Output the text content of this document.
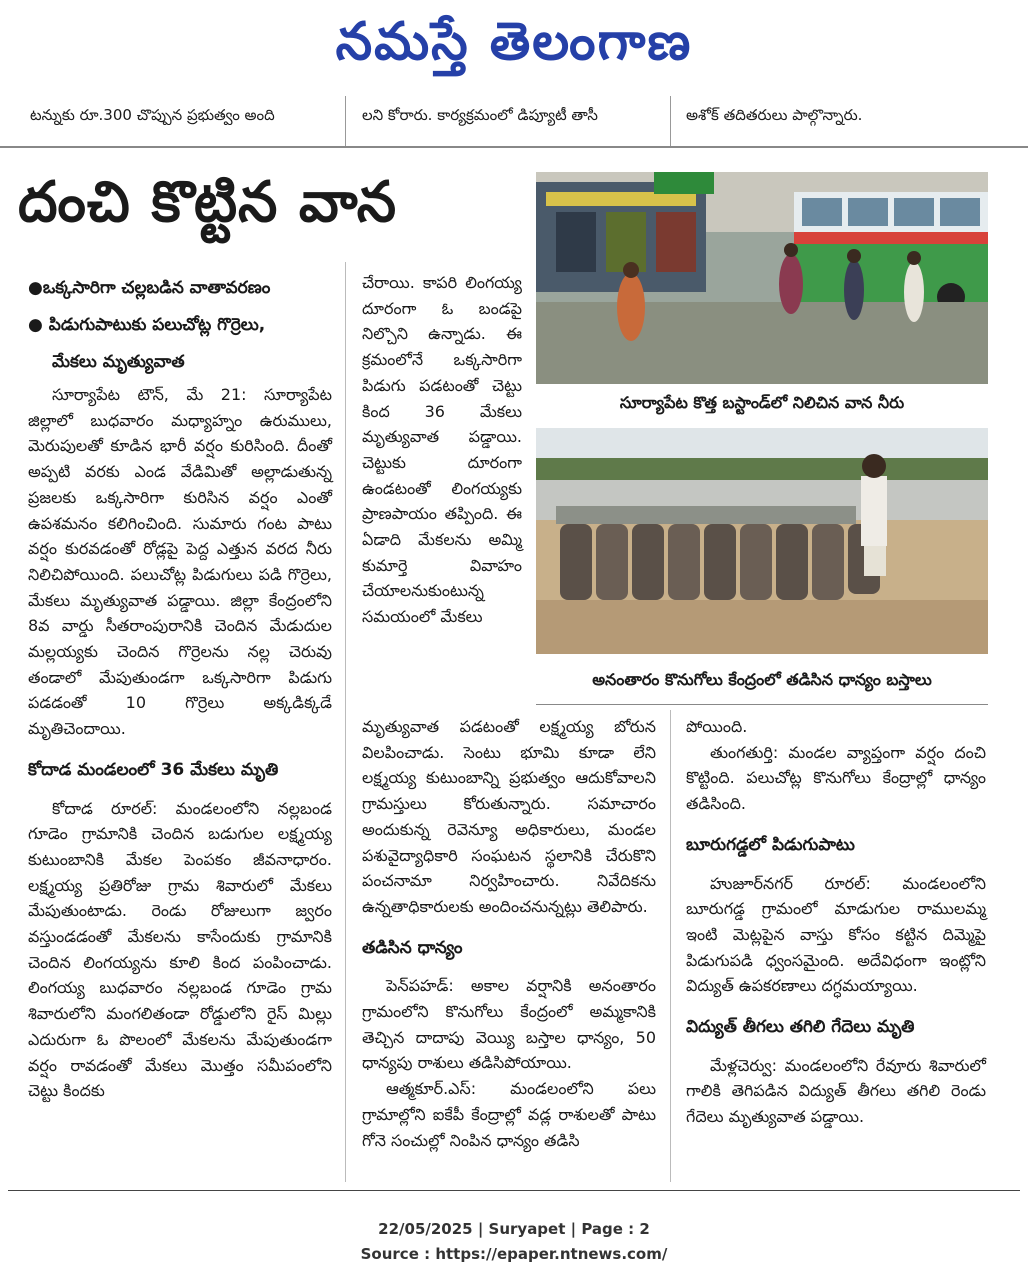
నమస్తే తెలంగాణ
టన్నుకు రూ.300 చొప్పున ప్రభుత్వం అంది	లని కోరారు. కార్యక్రమంలో డిప్యూటీ తాసీ	అశోక్ తదితరులు పాల్గొన్నారు.
దంచి కొట్టిన వాన
●ఒక్కసారిగా చల్లబడిన వాతావరణం
● పిడుగుపాటుకు పలుచోట్ల గొర్రెలు,
మేకలు మృత్యువాత

సూర్యాపేట టౌన్, మే 21: సూర్యాపేట జిల్లాలో బుధవారం మధ్యాహ్నం ఉరుములు, మెరుపులతో కూడిన భారీ వర్షం కురిసింది. దీంతో అప్పటి వరకు ఎండ వేడిమితో అల్లాడుతున్న ప్రజలకు ఒక్కసారిగా కురిసిన వర్షం ఎంతో ఉపశమనం కలిగించింది. సుమారు గంట పాటు వర్షం కురవడంతో రోడ్లపై పెద్ద ఎత్తున వరద నీరు నిలిచిపోయింది. పలుచోట్ల పిడుగులు పడి గొర్రెలు, మేకలు మృత్యువాత పడ్డాయి. జిల్లా కేంద్రంలోని 8వ వార్డు సీతరాంపురానికి చెందిన మేడుదుల మల్లయ్యకు చెందిన గొర్రెలను నల్ల చెరువు తండాలో మేపుతుండగా ఒక్కసారిగా పిడుగు పడడంతో 10 గొర్రెలు అక్కడిక్కడే మృతిచెందాయి.

కోదాడ మండలంలో 36 మేకలు మృతి

కోదాడ రూరల్: మండలంలోని నల్లబండ గూడెం గ్రామానికి చెందిన బడుగుల లక్ష్మయ్య కుటుంబానికి మేకల పెంపకం జీవనాధారం. లక్ష్మయ్య ప్రతిరోజు గ్రామ శివారులో మేకలు మేపుతుంటాడు. రెండు రోజులుగా జ్వరం వస్తుండడంతో మేకలను కాసేందుకు గ్రామానికి చెందిన లింగయ్యను కూలి కింద పంపించాడు. లింగయ్య బుధవారం నల్లబండ గూడెం గ్రామ శివారులోని మంగలితండా రోడ్డులోని రైస్ మిల్లు ఎదురుగా ఓ పొలంలో మేకలను మేపుతుండగా వర్షం రావడంతో మేకలు మొత్తం సమీపంలోని చెట్టు కిందకు

చేరాయి. కాపరి లింగయ్య దూరంగా ఓ బండపై నిల్చొని ఉన్నాడు. ఈ క్రమంలోనే ఒక్కసారిగా పిడుగు పడటంతో చెట్టు కింద 36 మేకలు మృత్యువాత పడ్డాయి. చెట్టుకు దూరంగా ఉండటంతో లింగయ్యకు ప్రాణపాయం తప్పింది. ఈ ఏడాది మేకలను అమ్మి కుమార్తె వివాహం చేయాలనుకుంటున్న సమయంలో మేకలు

సూర్యాపేట కొత్త బస్టాండ్‌లో నిలిచిన వాన నీరు
అనంతారం కొనుగోలు కేంద్రంలో తడిసిన ధాన్యం బస్తాలు

మృత్యువాత పడటంతో లక్ష్మయ్య బోరున విలపించాడు. సెంటు భూమి కూడా లేని లక్ష్మయ్య కుటుంబాన్ని ప్రభుత్వం ఆదుకోవాలని గ్రామస్తులు కోరుతున్నారు. సమాచారం అందుకున్న రెవెన్యూ అధికారులు, మండల పశువైద్యాధికారి సంఘటన స్థలానికి చేరుకొని పంచనామా నిర్వహించారు. నివేదికను ఉన్నతాధికారులకు అందించనున్నట్లు తెలిపారు.

తడిసిన ధాన్యం

పెన్‌పహడ్: అకాల వర్షానికి అనంతారం గ్రామంలోని కొనుగోలు కేంద్రంలో అమ్మకానికి తెచ్చిన దాదాపు వెయ్యి బస్తాల ధాన్యం, 50 ధాన్యపు రాశులు తడిసిపోయాయి.

ఆత్మకూర్.ఎస్: మండలంలోని పలు గ్రామాల్లోని ఐకేపీ కేంద్రాల్లో వడ్ల రాశులతో పాటు గోనె సంచుల్లో నింపిన ధాన్యం తడిసి

పోయింది.

తుంగతుర్తి: మండల వ్యాప్తంగా వర్షం దంచి కొట్టింది. పలుచోట్ల కొనుగోలు కేంద్రాల్లో ధాన్యం తడిసింది.

బూరుగడ్డలో పిడుగుపాటు

హుజూర్‌నగర్ రూరల్: మండలంలోని బూరుగడ్డ గ్రామంలో మాడుగుల రాములమ్మ ఇంటి మెట్లపైన వాస్తు కోసం కట్టిన దిమ్మెపై పిడుగుపడి ధ్వంసమైంది. అదేవిధంగా ఇంట్లోని విద్యుత్ ఉపకరణాలు దగ్ధమయ్యాయి.

విద్యుత్ తీగలు తగిలి గేదెలు మృతి

మేళ్లచెర్వు: మండలంలోని రేవూరు శివారులో గాలికి తెగిపడిన విద్యుత్ తీగలు తగిలి రెండు గేదెలు మృత్యువాత పడ్డాయి.

22/05/2025 | Suryapet | Page : 2
Source : https://epaper.ntnews.com/
